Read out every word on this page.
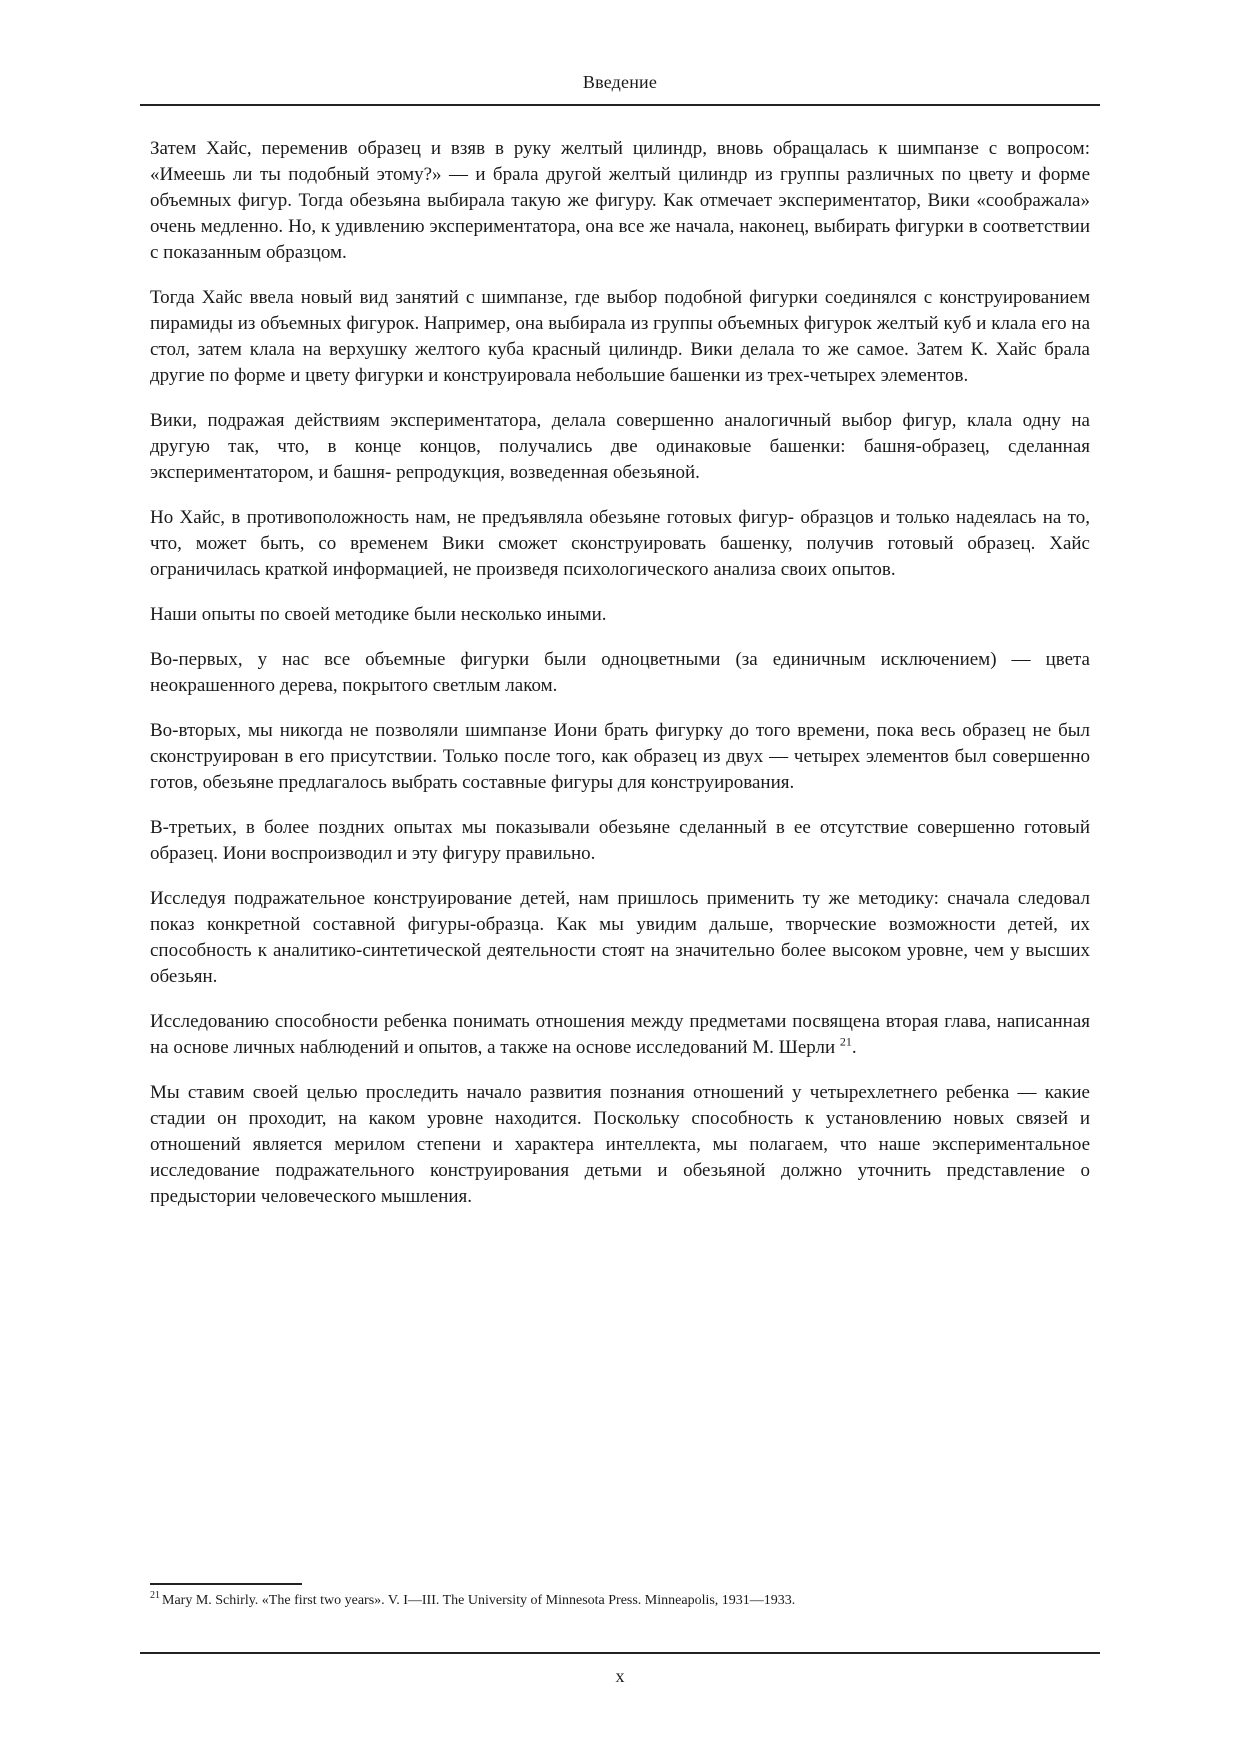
Введение

Затем Хайс, переменив образец и взяв в руку желтый цилиндр, вновь обращалась к шимпанзе с вопросом: «Имеешь ли ты подобный этому?» — и брала другой желтый цилиндр из группы различных по цвету и форме объемных фигур. Тогда обезьяна выбирала такую же фигуру. Как отмечает экспериментатор, Вики «соображала» очень медленно. Но, к удивлению экспериментатора, она все же начала, наконец, выбирать фигурки в соответствии с показанным образцом.

Тогда Хайс ввела новый вид занятий с шимпанзе, где выбор подобной фигурки соединялся с конструированием пирамиды из объемных фигурок. Например, она выбирала из группы объемных фигурок желтый куб и клала его на стол, затем клала на верхушку желтого куба красный цилиндр. Вики делала то же самое. Затем К. Хайс брала другие по форме и цвету фигурки и конструировала небольшие башенки из трех-четырех элементов.

Вики, подражая действиям экспериментатора, делала совершенно аналогичный выбор фигур, клала одну на другую так, что, в конце концов, получались две одинаковые башенки: башня-образец, сделанная экспериментатором, и башня- репродукция, возведенная обезьяной.

Но Хайс, в противоположность нам, не предъявляла обезьяне готовых фигур- образцов и только надеялась на то, что, может быть, со временем Вики сможет сконструировать башенку, получив готовый образец. Хайс ограничилась краткой информацией, не произведя психологического анализа своих опытов.

Наши опыты по своей методике были несколько иными.

Во-первых, у нас все объемные фигурки были одноцветными (за единичным исключением) — цвета неокрашенного дерева, покрытого светлым лаком.

Во-вторых, мы никогда не позволяли шимпанзе Иони брать фигурку до того времени, пока весь образец не был сконструирован в его присутствии. Только после того, как образец из двух — четырех элементов был совершенно готов, обезьяне предлагалось выбрать составные фигуры для конструирования.

В-третьих, в более поздних опытах мы показывали обезьяне сделанный в ее отсутствие совершенно готовый образец. Иони воспроизводил и эту фигуру правильно.

Исследуя подражательное конструирование детей, нам пришлось применить ту же методику: сначала следовал показ конкретной составной фигуры-образца. Как мы увидим дальше, творческие возможности детей, их способность к аналитико-синтетической деятельности стоят на значительно более высоком уровне, чем у высших обезьян.

Исследованию способности ребенка понимать отношения между предметами посвящена вторая глава, написанная на основе личных наблюдений и опытов, а также на основе исследований М. Шерли $^{21}$.

Мы ставим своей целью проследить начало развития познания отношений у четырехлетнего ребенка — какие стадии он проходит, на каком уровне находится. Поскольку способность к установлению новых связей и отношений является мерилом степени и характера интеллекта, мы полагаем, что наше экспериментальное исследование подражательного конструирования детьми и обезьяной должно уточнить представление о предыстории человеческого мышления.

$^{21}$ Mary M. Schirly. «The first two years». V. I—III. The University of Minnesota Press. Minneapolis, 1931—1933.
x
